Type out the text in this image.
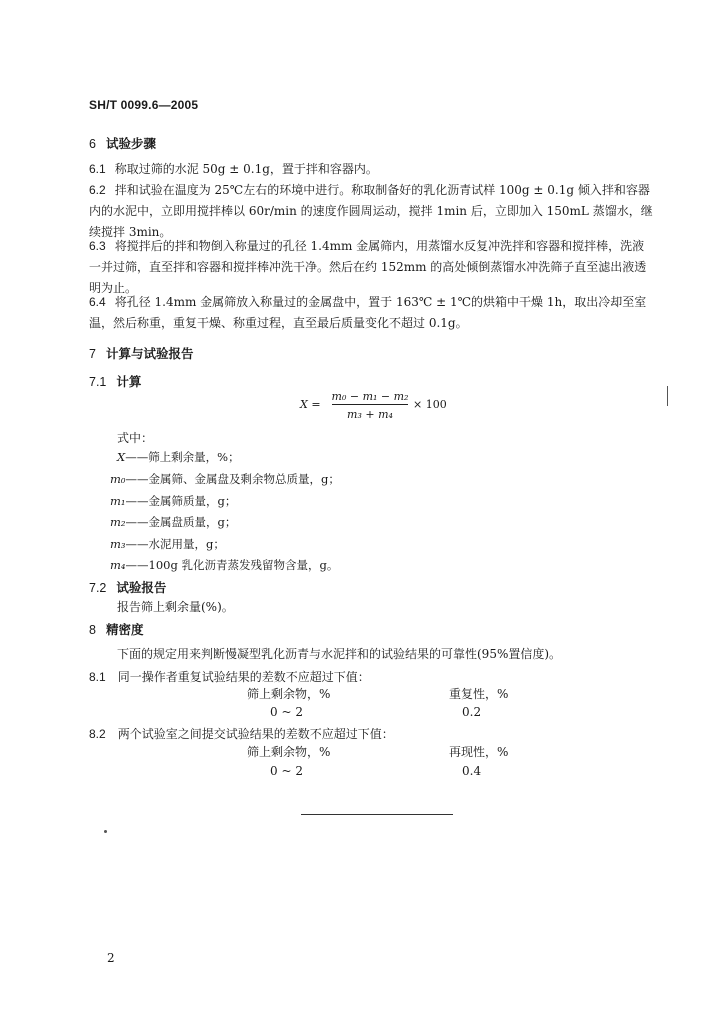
SH/T 0099.6—2005
6 试验步骤
6.1 称取过筛的水泥 50g ± 0.1g，置于拌和容器内。
6.2 拌和试验在温度为 25℃左右的环境中进行。称取制备好的乳化沥青试样 100g ± 0.1g 倾入拌和容器内的水泥中，立即用搅拌棒以 60r/min 的速度作圆周运动，搅拌 1min 后，立即加入 150mL 蒸馏水，继续搅拌 3min。
6.3 将搅拌后的拌和物倒入称量过的孔径 1.4mm 金属筛内，用蒸馏水反复冲洗拌和容器和搅拌棒，洗液一并过筛，直至拌和容器和搅拌棒冲洗干净。然后在约 152mm 的高处倾倒蒸馏水冲洗筛子直至滤出液透明为止。
6.4 将孔径 1.4mm 金属筛放入称量过的金属盘中，置于 163℃ ± 1℃的烘箱中干燥 1h，取出冷却至室温，然后称重，重复干燥、称重过程，直至最后质量变化不超过 0.1g。
7 计算与试验报告
7.1 计算
X =
m₀ − m₁ − m₂
m₃ + m₄
× 100
式中：
X——筛上剩余量，%；
m₀——金属筛、金属盘及剩余物总质量，g；
m₁——金属筛质量，g；
m₂——金属盘质量，g；
m₃——水泥用量，g；
m₄——100g 乳化沥青蒸发残留物含量，g。
7.2 试验报告
报告筛上剩余量(%)。
8 精密度
下面的规定用来判断慢凝型乳化沥青与水泥拌和的试验结果的可靠性(95%置信度)。
8.1 同一操作者重复试验结果的差数不应超过下值：
筛上剩余物，%	重复性，%
0 ~ 2	0.2
8.2 两个试验室之间提交试验结果的差数不应超过下值：
筛上剩余物，%	再现性，%
0 ~ 2	0.4
2
